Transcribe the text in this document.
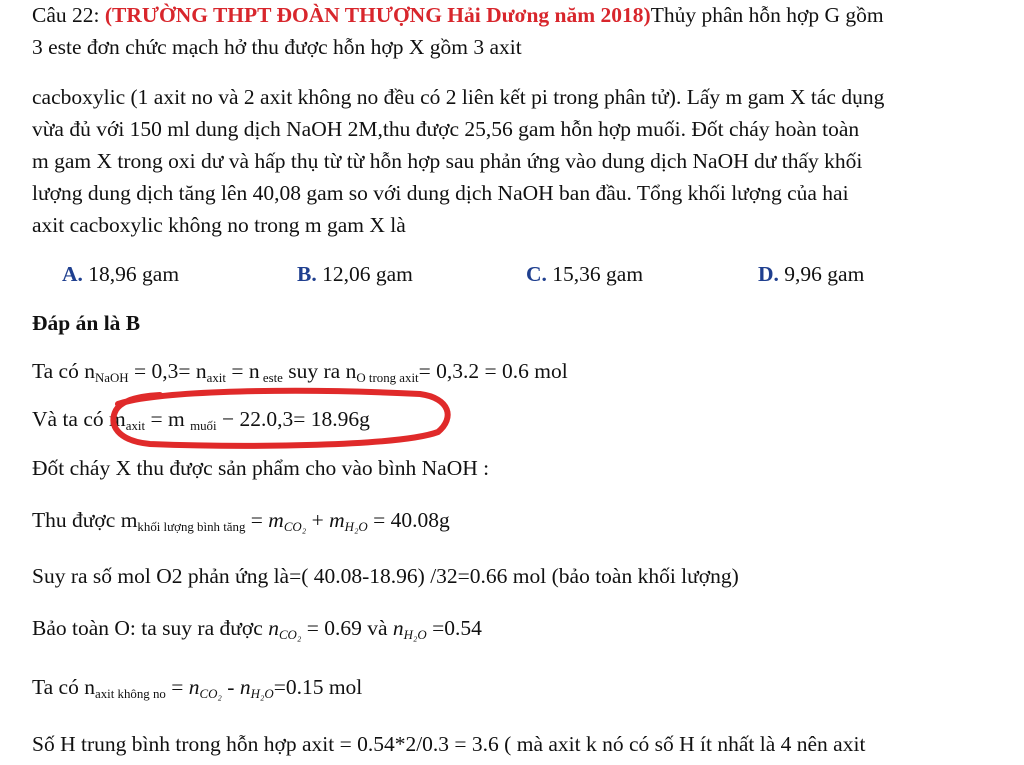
Câu 22: (TRƯỜNG THPT ĐOÀN THƯỢNG Hải Dương năm 2018)Thủy phân hỗn hợp G gồm
3 este đơn chức mạch hở thu được hỗn hợp X gồm 3 axit
cacboxylic (1 axit no và 2 axit không no đều có 2 liên kết pi trong phân tử). Lấy m gam X tác dụng
vừa đủ với 150 ml dung dịch NaOH 2M,thu được 25,56 gam hỗn hợp muối. Đốt cháy hoàn toàn
m gam X trong oxi dư và hấp thụ từ từ hỗn hợp sau phản ứng vào dung dịch NaOH dư thấy khối
lượng dung dịch tăng lên 40,08 gam so với dung dịch NaOH ban đầu. Tổng khối lượng của hai
axit cacboxylic không no trong m gam X là
A. 18,96 gam	B. 12,06 gam	C. 15,36 gam	D. 9,96 gam
Đáp án là B
Ta có $n_{NaOH} = 0,3= n_{axit} = n$ $_{este}$ suy ra $n_{O trong axit}= 0,3.2 = 0.6$ mol
Và ta có $m_{axit} = m$ $_{muối}$ − 22.0,3= 18.96g
Đốt cháy X thu được sản phẩm cho vào bình NaOH :
Thu được $m_{khối lượng bình tăng} = m_{CO_2} + m_{H_2O} = 40.08g$
Suy ra số mol O2 phản ứng là=( 40.08-18.96) /32=0.66 mol (bảo toàn khối lượng)
Bảo toàn O: ta suy ra được $n_{CO_2} = 0.69$ và $n_{H_2O} =0.54$
Ta có $n_{axit không no} = n_{CO_2} - n_{H_2O}=0.15$ mol
Số H trung bình trong hỗn hợp axit = 0.54*2/0.3 = 3.6 ( mà axit k nó có số H ít nhất là 4 nên axit
